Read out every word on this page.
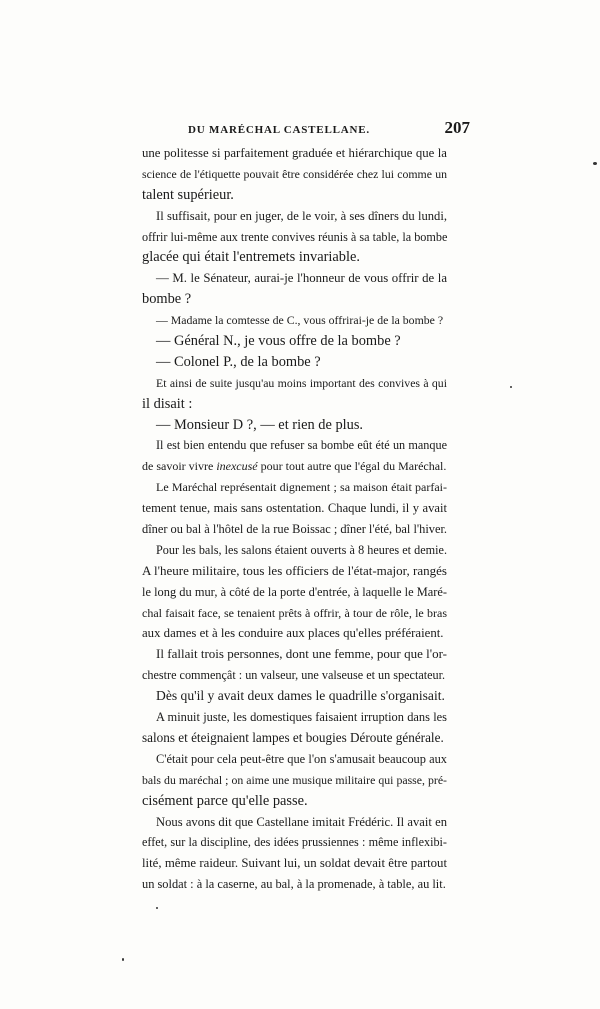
DU MARÉCHAL CASTELLANE.	207
une politesse si parfaitement graduée et hiérarchique que la
science de l'étiquette pouvait être considérée chez lui comme un
talent supérieur.
Il suffisait, pour en juger, de le voir, à ses dîners du lundi,
offrir lui-même aux trente convives réunis à sa table, la bombe
glacée qui était l'entremets invariable.
— M. le Sénateur, aurai-je l'honneur de vous offrir de la
bombe ?
— Madame la comtesse de C., vous offrirai-je de la bombe ?
— Général N., je vous offre de la bombe ?
— Colonel P., de la bombe ?
Et ainsi de suite jusqu'au moins important des convives à qui
il disait :
— Monsieur D ?, — et rien de plus.
Il est bien entendu que refuser sa bombe eût été un manque
de savoir vivre inexcusé pour tout autre que l'égal du Maréchal.
Le Maréchal représentait dignement ; sa maison était parfai-
tement tenue, mais sans ostentation. Chaque lundi, il y avait
dîner ou bal à l'hôtel de la rue Boissac ; dîner l'été, bal l'hiver.
Pour les bals, les salons étaient ouverts à 8 heures et demie.
A l'heure militaire, tous les officiers de l'état-major, rangés
le long du mur, à côté de la porte d'entrée, à laquelle le Maré-
chal faisait face, se tenaient prêts à offrir, à tour de rôle, le bras
aux dames et à les conduire aux places qu'elles préféraient.
Il fallait trois personnes, dont une femme, pour que l'or-
chestre commençât : un valseur, une valseuse et un spectateur.
Dès qu'il y avait deux dames le quadrille s'organisait.
A minuit juste, les domestiques faisaient irruption dans les
salons et éteignaient lampes et bougies Déroute générale.
C'était pour cela peut-être que l'on s'amusait beaucoup aux
bals du maréchal ; on aime une musique militaire qui passe, pré-
cisément parce qu'elle passe.
Nous avons dit que Castellane imitait Frédéric. Il avait en
effet, sur la discipline, des idées prussiennes : même inflexibi-
lité, même raideur. Suivant lui, un soldat devait être partout
un soldat : à la caserne, au bal, à la promenade, à table, au lit.
